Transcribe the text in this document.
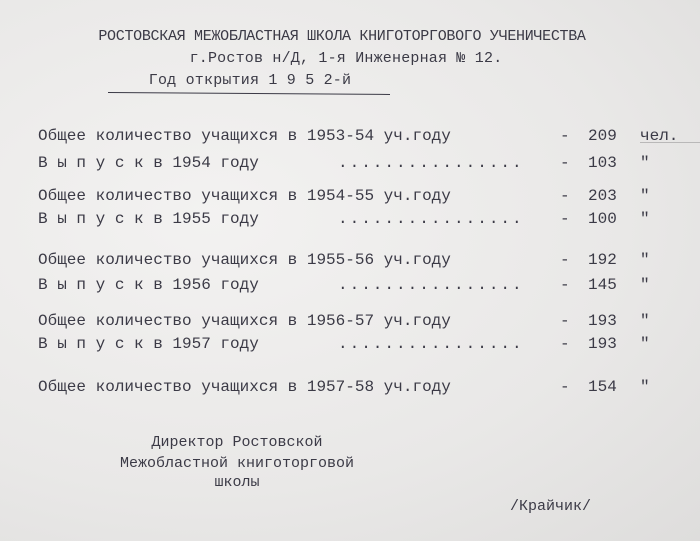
РОСТОВСКАЯ МЕЖОБЛАСТНАЯ ШКОЛА КНИГОТОРГОВОГО УЧЕНИЧЕСТВА
г.Ростов н/Д, 1-я Инженерная № 12.
Год открытия 1 9 5 2-й
Общее количество учащихся в 1953-54 уч.году	- 209 чел.
В ы п у с к в 1954 году	................ - 103 "
Общее количество учащихся в 1954-55 уч.году	- 203 "
В ы п у с к в 1955 году	................ - 100 "
Общее количество учащихся в 1955-56 уч.году	- 192 "
В ы п у с к в 1956 году	................ - 145 "
Общее количество учащихся в 1956-57 уч.году	- 193 "
В ы п у с к в 1957 году	................ - 193 "
Общее количество учащихся в 1957-58 уч.году	- 154 "
Директор Ростовской
Межобластной книготорговой
школы
/Крайчик/
